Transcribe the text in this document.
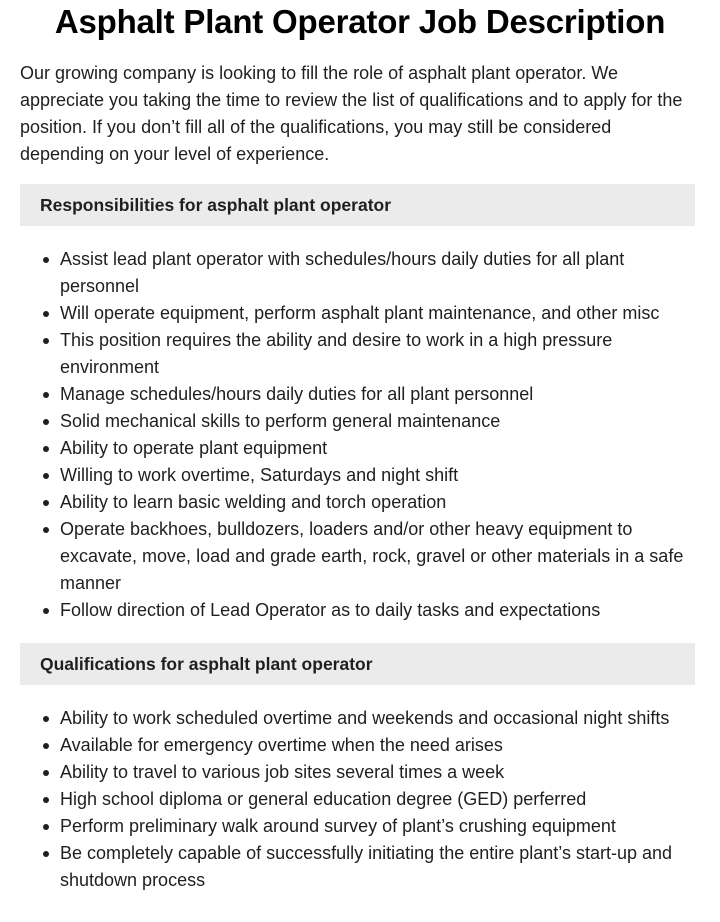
Asphalt Plant Operator Job Description

Our growing company is looking to fill the role of asphalt plant operator. We appreciate you taking the time to review the list of qualifications and to apply for the position. If you don’t fill all of the qualifications, you may still be considered depending on your level of experience.

Responsibilities for asphalt plant operator
Assist lead plant operator with schedules/hours daily duties for all plant personnel
Will operate equipment, perform asphalt plant maintenance, and other misc
This position requires the ability and desire to work in a high pressure environment
Manage schedules/hours daily duties for all plant personnel
Solid mechanical skills to perform general maintenance
Ability to operate plant equipment
Willing to work overtime, Saturdays and night shift
Ability to learn basic welding and torch operation
Operate backhoes, bulldozers, loaders and/or other heavy equipment to excavate, move, load and grade earth, rock, gravel or other materials in a safe manner
Follow direction of Lead Operator as to daily tasks and expectations
Qualifications for asphalt plant operator
Ability to work scheduled overtime and weekends and occasional night shifts
Available for emergency overtime when the need arises
Ability to travel to various job sites several times a week
High school diploma or general education degree (GED) perferred
Perform preliminary walk around survey of plant’s crushing equipment
Be completely capable of successfully initiating the entire plant’s start-up and shutdown process
